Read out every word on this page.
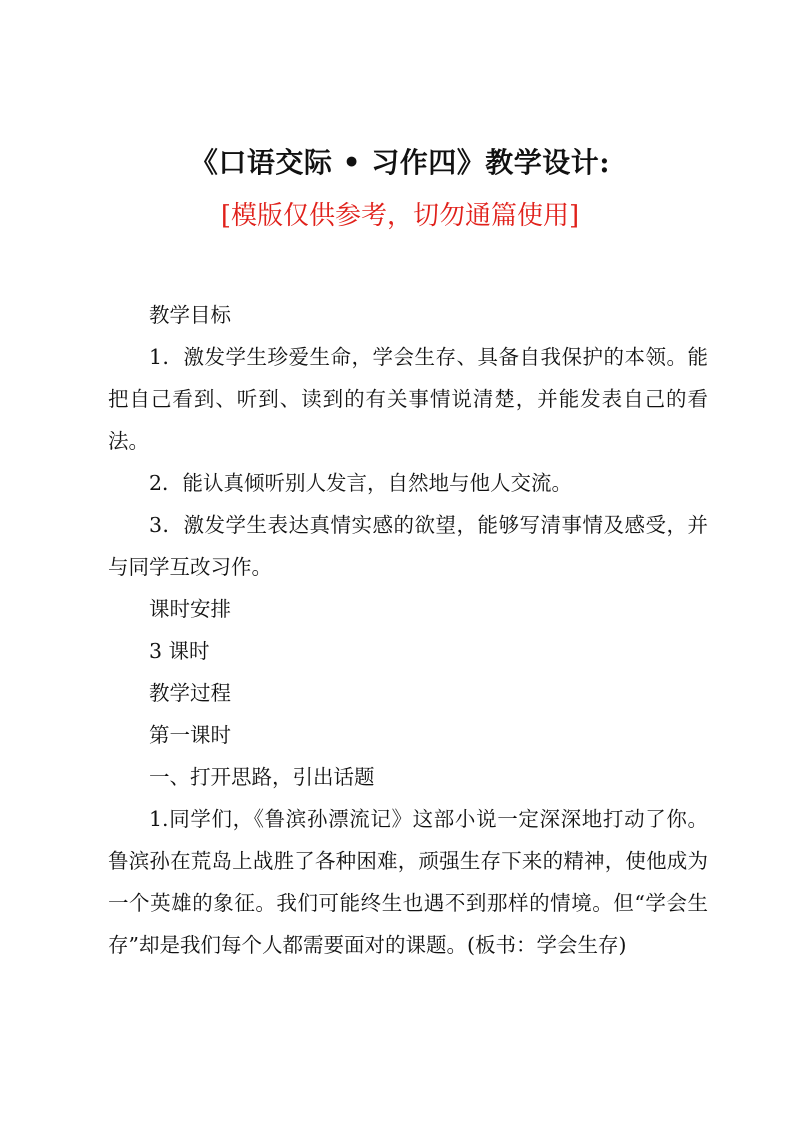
《口语交际 • 习作四》教学设计:
[模版仅供参考，切勿通篇使用]

教学目标

1．激发学生珍爱生命，学会生存、具备自我保护的本领。能把自己看到、听到、读到的有关事情说清楚，并能发表自己的看法。

2．能认真倾听别人发言，自然地与他人交流。

3．激发学生表达真情实感的欲望，能够写清事情及感受，并与同学互改习作。

课时安排

3 课时

教学过程

第一课时

一、打开思路，引出话题

1.同学们，《鲁滨孙漂流记》这部小说一定深深地打动了你。鲁滨孙在荒岛上战胜了各种困难，顽强生存下来的精神，使他成为一个英雄的象征。我们可能终生也遇不到那样的情境。但“学会生存”却是我们每个人都需要面对的课题。(板书：学会生存)
